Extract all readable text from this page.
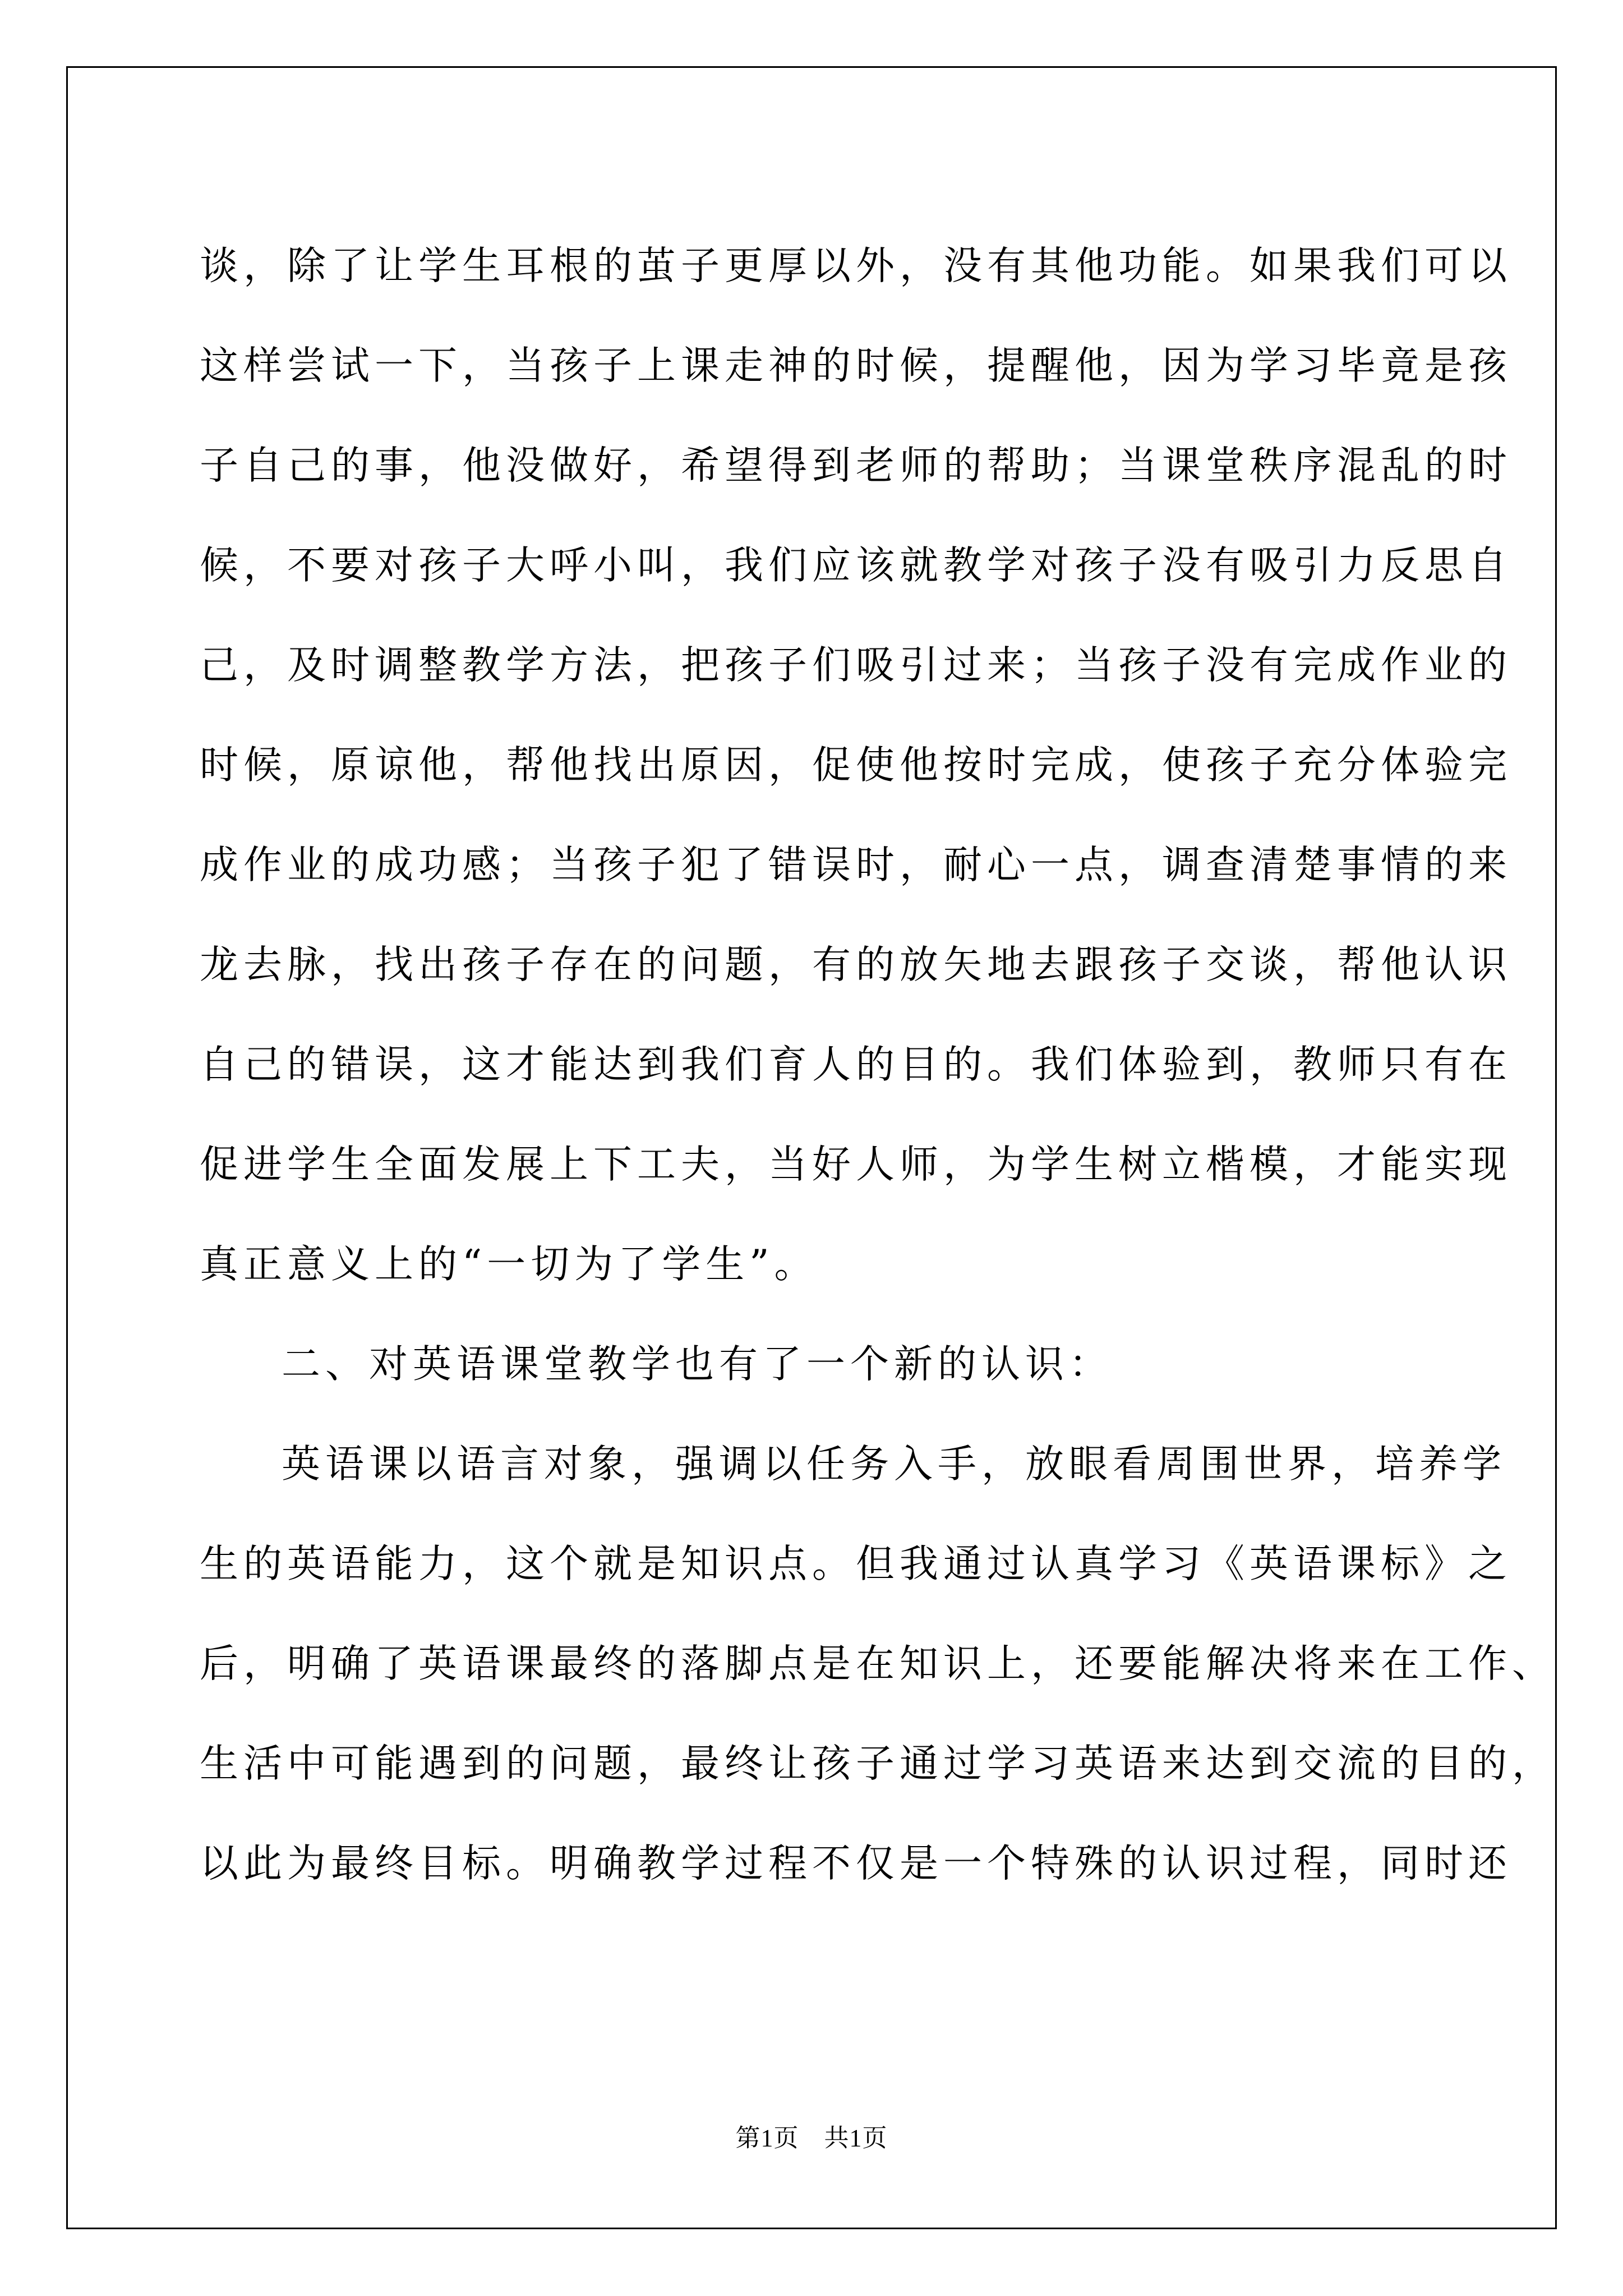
谈，除了让学生耳根的茧子更厚以外，没有其他功能。如果我们可以
这样尝试一下，当孩子上课走神的时候，提醒他，因为学习毕竟是孩
子自己的事，他没做好，希望得到老师的帮助；当课堂秩序混乱的时
候，不要对孩子大呼小叫，我们应该就教学对孩子没有吸引力反思自
己，及时调整教学方法，把孩子们吸引过来；当孩子没有完成作业的
时候，原谅他，帮他找出原因，促使他按时完成，使孩子充分体验完
成作业的成功感；当孩子犯了错误时，耐心一点，调查清楚事情的来
龙去脉，找出孩子存在的问题，有的放矢地去跟孩子交谈，帮他认识
自己的错误，这才能达到我们育人的目的。我们体验到，教师只有在
促进学生全面发展上下工夫，当好人师，为学生树立楷模，才能实现
真正意义上的“一切为了学生”。
二、对英语课堂教学也有了一个新的认识：
英语课以语言对象，强调以任务入手，放眼看周围世界，培养学
生的英语能力，这个就是知识点。但我通过认真学习《英语课标》之
后，明确了英语课最终的落脚点是在知识上，还要能解决将来在工作、
生活中可能遇到的问题，最终让孩子通过学习英语来达到交流的目的，
以此为最终目标。明确教学过程不仅是一个特殊的认识过程，同时还
第1页　共1页
